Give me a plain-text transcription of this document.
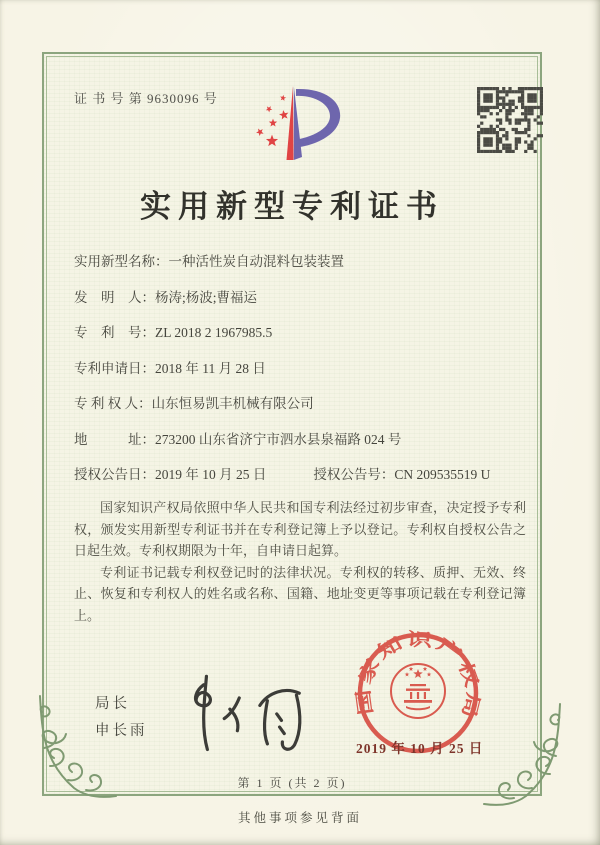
证 书 号 第 9630096 号
实用新型专利证书
实用新型名称：一种活性炭自动混料包装装置
发　明　人：杨涛;杨波;曹福运
专　利　号：ZL 2018 2 1967985.5
专利申请日：2018 年 11 月 28 日
专 利 权 人：山东恒易凯丰机械有限公司
地　　　址：273200 山东省济宁市泗水县泉福路 024 号
授权公告日：2019 年 10 月 25 日	授权公告号：CN 209535519 U

国家知识产权局依照中华人民共和国专利法经过初步审查，决定授予专利权，颁发实用新型专利证书并在专利登记簿上予以登记。专利权自授权公告之日起生效。专利权期限为十年，自申请日起算。

专利证书记载专利权登记时的法律状况。专利权的转移、质押、无效、终止、恢复和专利权人的姓名或名称、国籍、地址变更等事项记载在专利登记簿上。

局长
申长雨
国家知识产权局
2019 年 10 月 25 日
第 1 页 (共 2 页)
其他事项参见背面
